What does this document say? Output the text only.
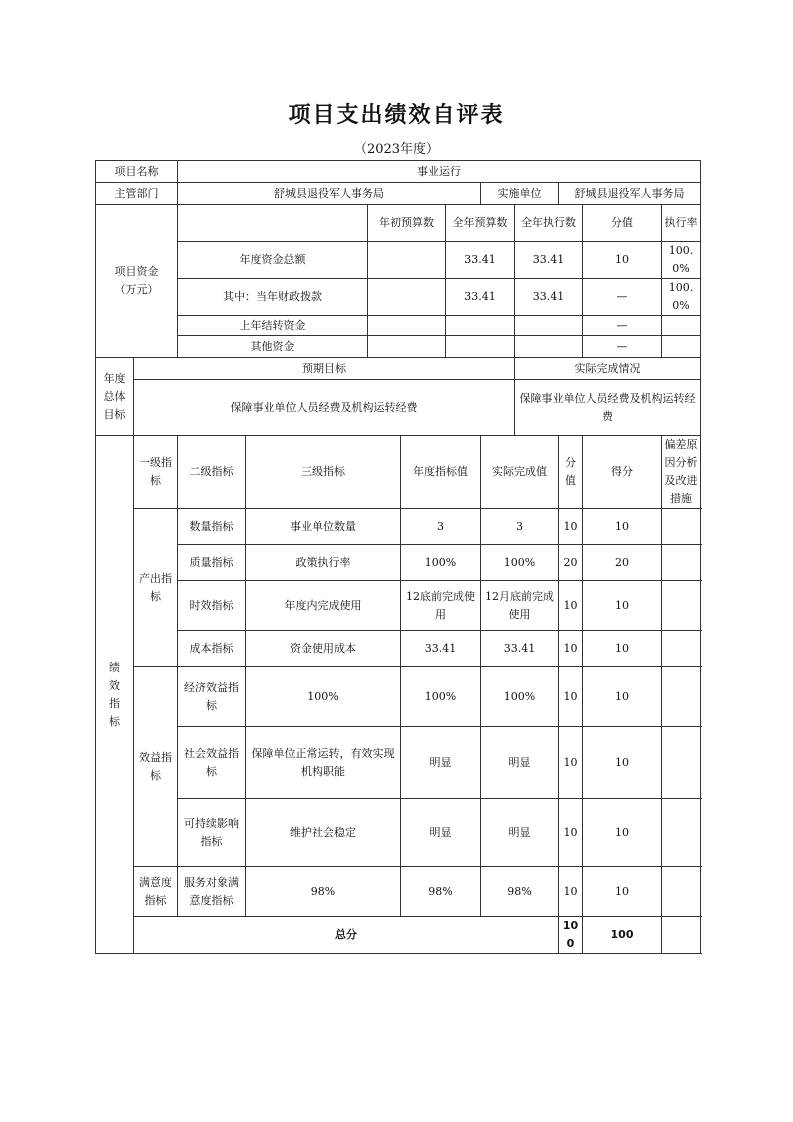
项目支出绩效自评表
（2023年度）
项目名称		事业运行										
主管部门		舒城县退役军人事务局					实施单位		舒城县退役军人事务局			

项目资金
（万元）				年初预算数		全年预算数		全年执行数		分值	执行率	
		年度资金总额				33.41		33.41		10	100.0%	
		其中：当年财政拨款				33.41		33.41		—	100.0%	
		上年结转资金								—		
		其他资金								—		

年度
总体
目标	预期目标							实际完成情况				
	保障事业单位人员经费及机构运转经费							保障事业单位人员经费及机构运转经费				

绩
效
指
标	一级指标	二级指标	三级指标		年度指标值		实际完成值		分值	得分	偏差原因分析及改进措施	
	产出指标	数量指标	事业单位数量		3		3		10	10		
		质量指标	政策执行率		100%		100%		20	20		
		时效指标	年度内完成使用		12底前完成使用		12月底前完成使用		10	10		
		成本指标	资金使用成本		33.41		33.41		10	10		
	效益指标	经济效益指标	100%		100%		100%		10	10		
		社会效益指标	保障单位正常运转，有效实现机构职能		明显		明显		10	10		
		可持续影响指标	维护社会稳定		明显		明显		10	10		
	满意度指标	服务对象满意度指标	98%		98%		98%		10	10		
	总分								100	100		
